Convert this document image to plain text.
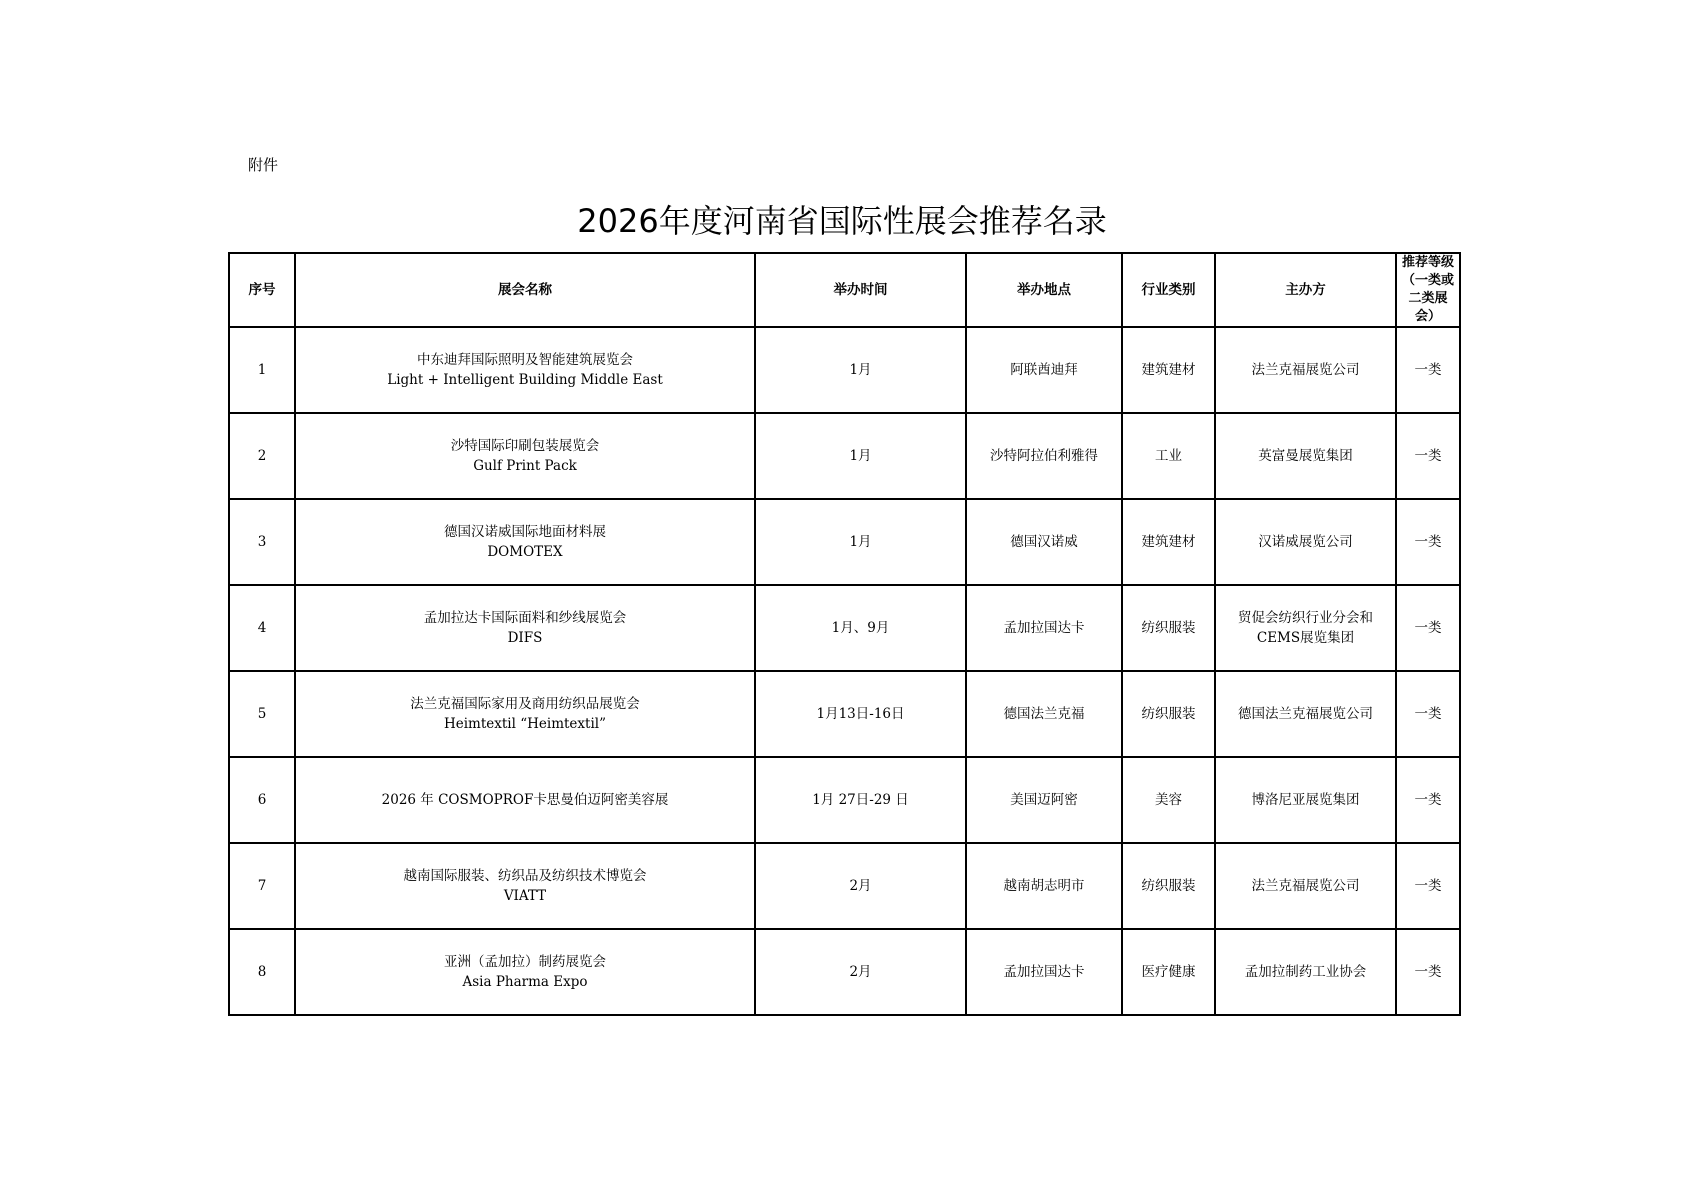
附件
2026年度河南省国际性展会推荐名录
序号	展会名称	举办时间	举办地点	行业类别	主办方	推荐等级（一类或二类展会）
1	中东迪拜国际照明及智能建筑展览会
Light + Intelligent Building Middle East	1月	阿联酋迪拜	建筑建材	法兰克福展览公司	一类
2	沙特国际印刷包装展览会
Gulf Print Pack	1月	沙特阿拉伯利雅得	工业	英富曼展览集团	一类
3	德国汉诺威国际地面材料展
DOMOTEX	1月	德国汉诺威	建筑建材	汉诺威展览公司	一类
4	孟加拉达卡国际面料和纱线展览会
DIFS	1月、9月	孟加拉国达卡	纺织服装	贸促会纺织行业分会和CEMS展览集团	一类
5	法兰克福国际家用及商用纺织品展览会
Heimtextil “Heimtextil”	1月13日-16日	德国法兰克福	纺织服装	德国法兰克福展览公司	一类
6	2026 年 COSMOPROF卡思曼伯迈阿密美容展	1月 27日-29 日	美国迈阿密	美容	博洛尼亚展览集团	一类
7	越南国际服装、纺织品及纺织技术博览会
VIATT	2月	越南胡志明市	纺织服装	法兰克福展览公司	一类
8	亚洲（孟加拉）制药展览会
Asia Pharma Expo	2月	孟加拉国达卡	医疗健康	孟加拉制药工业协会	一类
